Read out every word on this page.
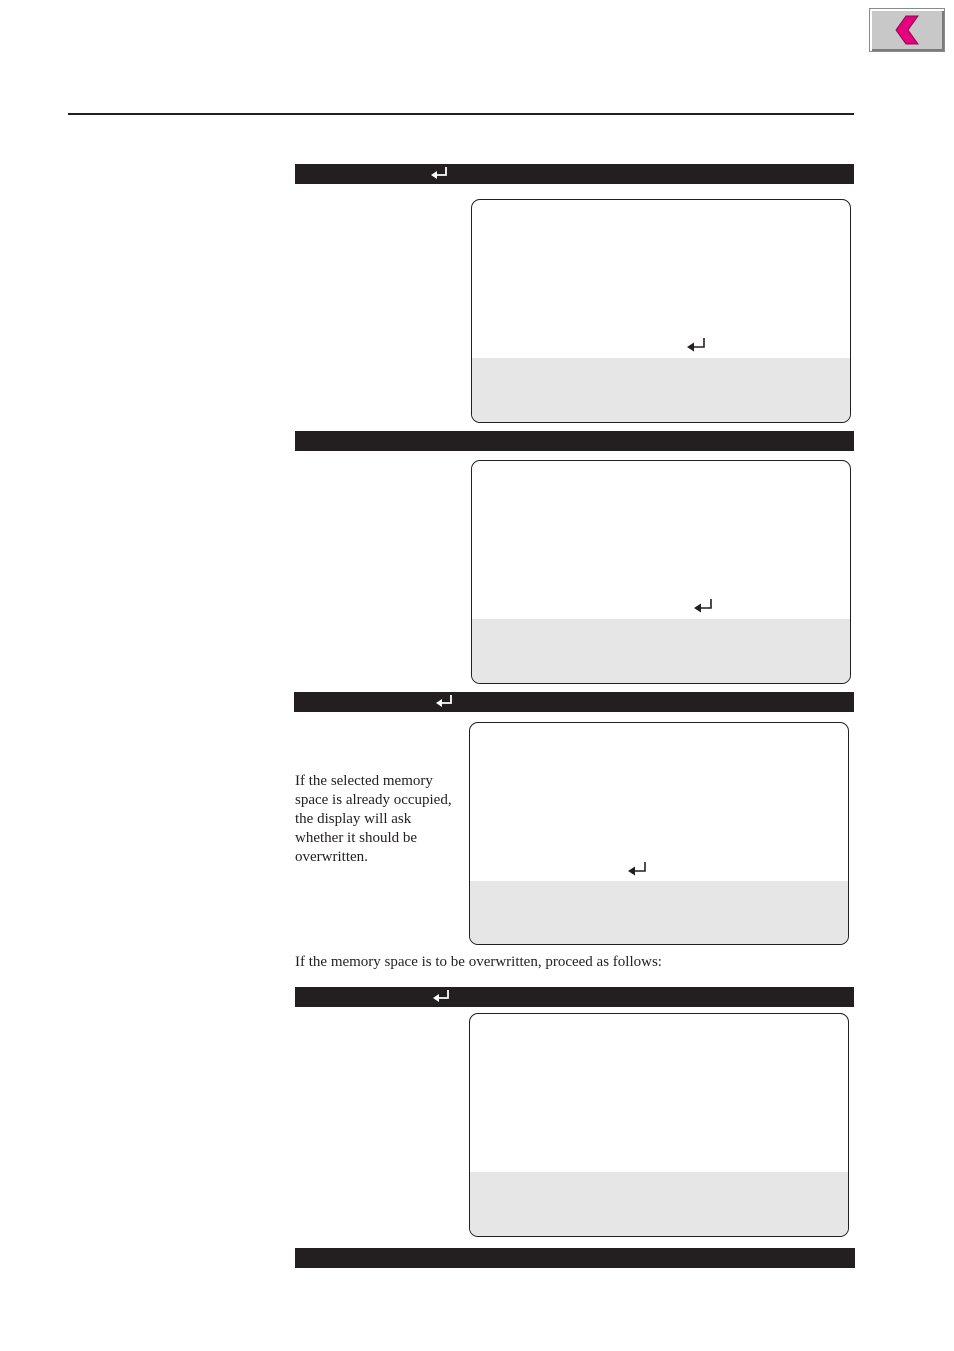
If the selected memory
space is already occupied,
the display will ask
whether it should be
overwritten.
If the memory space is to be overwritten, proceed as follows:
